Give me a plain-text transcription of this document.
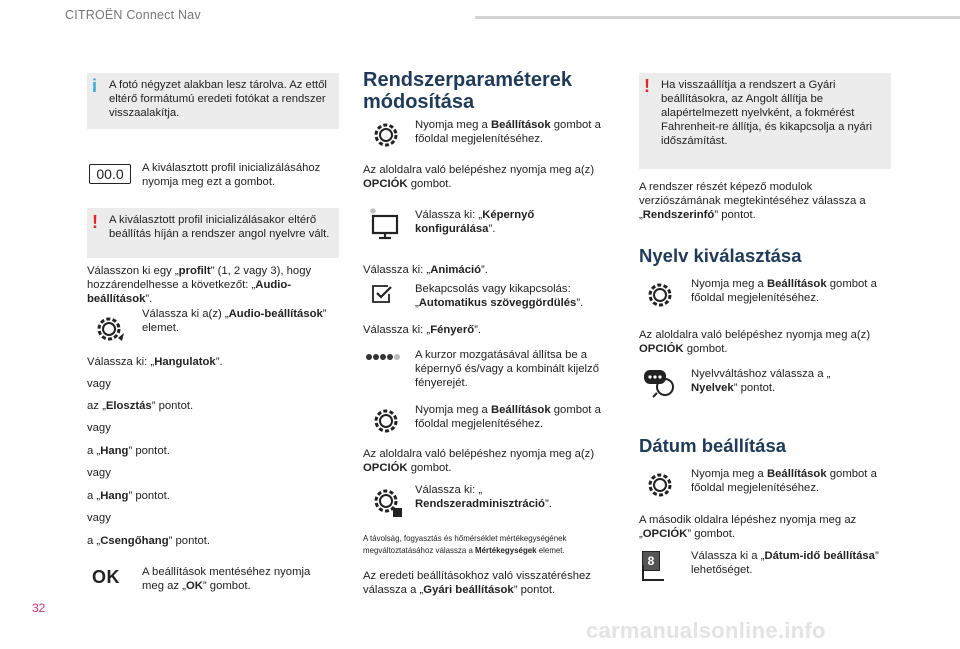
CITROËN Connect Nav
i A fotó négyzet alakban lesz tárolva. Az ettől eltérő formátumú eredeti fotókat a rendszer visszaalakítja.
00.0	A kiválasztott profil inicializálásához nyomja meg ezt a gombot.
! A kiválasztott profil inicializálásakor eltérő beállítás híján a rendszer angol nyelvre vált.
Válasszon ki egy „profilt” (1, 2 vagy 3), hogy hozzárendelhesse a következőt: „Audio-beállítások”.
Válassza ki a(z) „Audio-beállítások” elemet.
Válassza ki: „Hangulatok”.
vagy
az „Elosztás” pontot.
vagy
a „Hang” pontot.
vagy
a „Hang” pontot.
vagy
a „Csengőhang” pontot.
OK A beállítások mentéséhez nyomja meg az „OK” gombot.
Rendszerparaméterek
módosítása
Nyomja meg a Beállítások gombot a főoldal megjelenítéséhez.
Az aloldalra való belépéshez nyomja meg a(z) OPCIÓK gombot.
Válassza ki: „Képernyő konfigurálása”.
Válassza ki: „Animáció”.
Bekapcsolás vagy kikapcsolás: „Automatikus szöveggördülés”.
Válassza ki: „Fényerő”.
A kurzor mozgatásával állítsa be a képernyő és/vagy a kombinált kijelző fényerejét.
Nyomja meg a Beállítások gombot a főoldal megjelenítéséhez.
Az aloldalra való belépéshez nyomja meg a(z) OPCIÓK gombot.
Válassza ki: „
Rendszeradminisztráció”.
A távolság, fogyasztás és hőmérséklet mértékegységének megváltoztatásához válassza a Mértékegységek elemet.
Az eredeti beállításokhoz való visszatéréshez válassza a „Gyári beállítások” pontot.
! Ha visszaállítja a rendszert a Gyári beállításokra, az Angolt állítja be alapértelmezett nyelvként, a fokmérést Fahrenheit-re állítja, és kikapcsolja a nyári időszámítást.
A rendszer részét képező modulok verziószámának megtekintéséhez válassza a „Rendszerinfó” pontot.
Nyelv kiválasztása
Nyomja meg a Beállítások gombot a főoldal megjelenítéséhez.
Az aloldalra való belépéshez nyomja meg a(z) OPCIÓK gombot.
Nyelvváltáshoz válassza a „
Nyelvek” pontot.
Dátum beállítása
Nyomja meg a Beállítások gombot a főoldal megjelenítéséhez.
A második oldalra lépéshez nyomja meg az „OPCIÓK” gombot.
8	Válassza ki a „Dátum-idő beállítása” lehetőséget.
32
carmanualsonline.info
